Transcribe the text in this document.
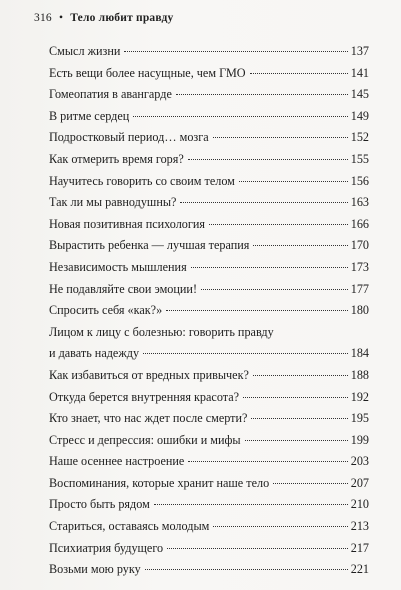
316 • Тело любит правду
Смысл жизни	137
Есть вещи более насущные, чем ГМО	141
Гомеопатия в авангарде	145
В ритме сердец	149
Подростковый период… мозга	152
Как отмерить время горя?	155
Научитесь говорить со своим телом	156
Так ли мы равнодушны?	163
Новая позитивная психология	166
Вырастить ребенка — лучшая терапия	170
Независимость мышления	173
Не подавляйте свои эмоции!	177
Спросить себя «как?»	180
Лицом к лицу с болезнью: говорить правду
и давать надежду	184
Как избавиться от вредных привычек?	188
Откуда берется внутренняя красота?	192
Кто знает, что нас ждет после смерти?	195
Стресс и депрессия: ошибки и мифы	199
Наше осеннее настроение	203
Воспоминания, которые хранит наше тело	207
Просто быть рядом	210
Стариться, оставаясь молодым	213
Психиатрия будущего	217
Возьми мою руку	221
